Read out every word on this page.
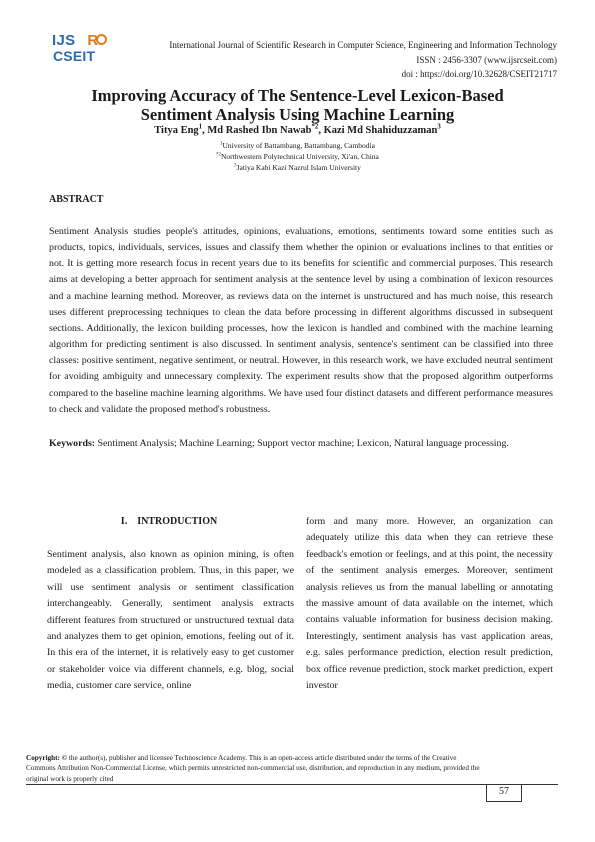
IJS R
CSEIT
International Journal of Scientific Research in Computer Science, Engineering and Information Technology
ISSN : 2456-3307 (www.ijsrcseit.com)
doi : https://doi.org/10.32628/CSEIT21717
Improving Accuracy of The Sentence-Level Lexicon-Based
Sentiment Analysis Using Machine Learning
Titya Eng$^1$, Md Rashed Ibn Nawab$^{*2}$, Kazi Md Shahiduzzaman$^3$
$^1$University of Battambang, Battambang, Cambodia
$^{*2}$Northwestern Polytechnical University, Xi'an, China
$^3$Jatiya Kabi Kazi Nazrul Islam University
ABSTRACT
Sentiment Analysis studies people's attitudes, opinions, evaluations, emotions, sentiments toward some entities such as products, topics, individuals, services, issues and classify them whether the opinion or evaluations inclines to that entities or not. It is getting more research focus in recent years due to its benefits for scientific and commercial purposes. This research aims at developing a better approach for sentiment analysis at the sentence level by using a combination of lexicon resources and a machine learning method. Moreover, as reviews data on the internet is unstructured and has much noise, this research uses different preprocessing techniques to clean the data before processing in different algorithms discussed in subsequent sections. Additionally, the lexicon building processes, how the lexicon is handled and combined with the machine learning algorithm for predicting sentiment is also discussed. In sentiment analysis, sentence's sentiment can be classified into three classes: positive sentiment, negative sentiment, or neutral. However, in this research work, we have excluded neutral sentiment for avoiding ambiguity and unnecessary complexity. The experiment results show that the proposed algorithm outperforms compared to the baseline machine learning algorithms. We have used four distinct datasets and different performance measures to check and validate the proposed method's robustness.
Keywords: Sentiment Analysis; Machine Learning; Support vector machine; Lexicon, Natural language processing.
I.    INTRODUCTION
Sentiment analysis, also known as opinion mining, is often modeled as a classification problem. Thus, in this paper, we will use sentiment analysis or sentiment classification interchangeably. Generally, sentiment analysis extracts different features from structured or unstructured textual data and analyzes them to get opinion, emotions, feeling out of it. In this era of the internet, it is relatively easy to get customer or stakeholder voice via different channels, e.g. blog, social media, customer care service, online
form and many more. However, an organization can adequately utilize this data when they can retrieve these feedback's emotion or feelings, and at this point, the necessity of the sentiment analysis emerges. Moreover, sentiment analysis relieves us from the manual labelling or annotating the massive amount of data available on the internet, which contains valuable information for business decision making. Interestingly, sentiment analysis has vast application areas, e.g. sales performance prediction, election result prediction, box office revenue prediction, stock market prediction, expert investor
Copyright: © the author(s), publisher and licensee Technoscience Academy. This is an open-access article distributed under the terms of the Creative Commons Attribution Non-Commercial License, which permits unrestricted non-commercial use, distribution, and reproduction in any medium, provided the original work is properly cited
57
